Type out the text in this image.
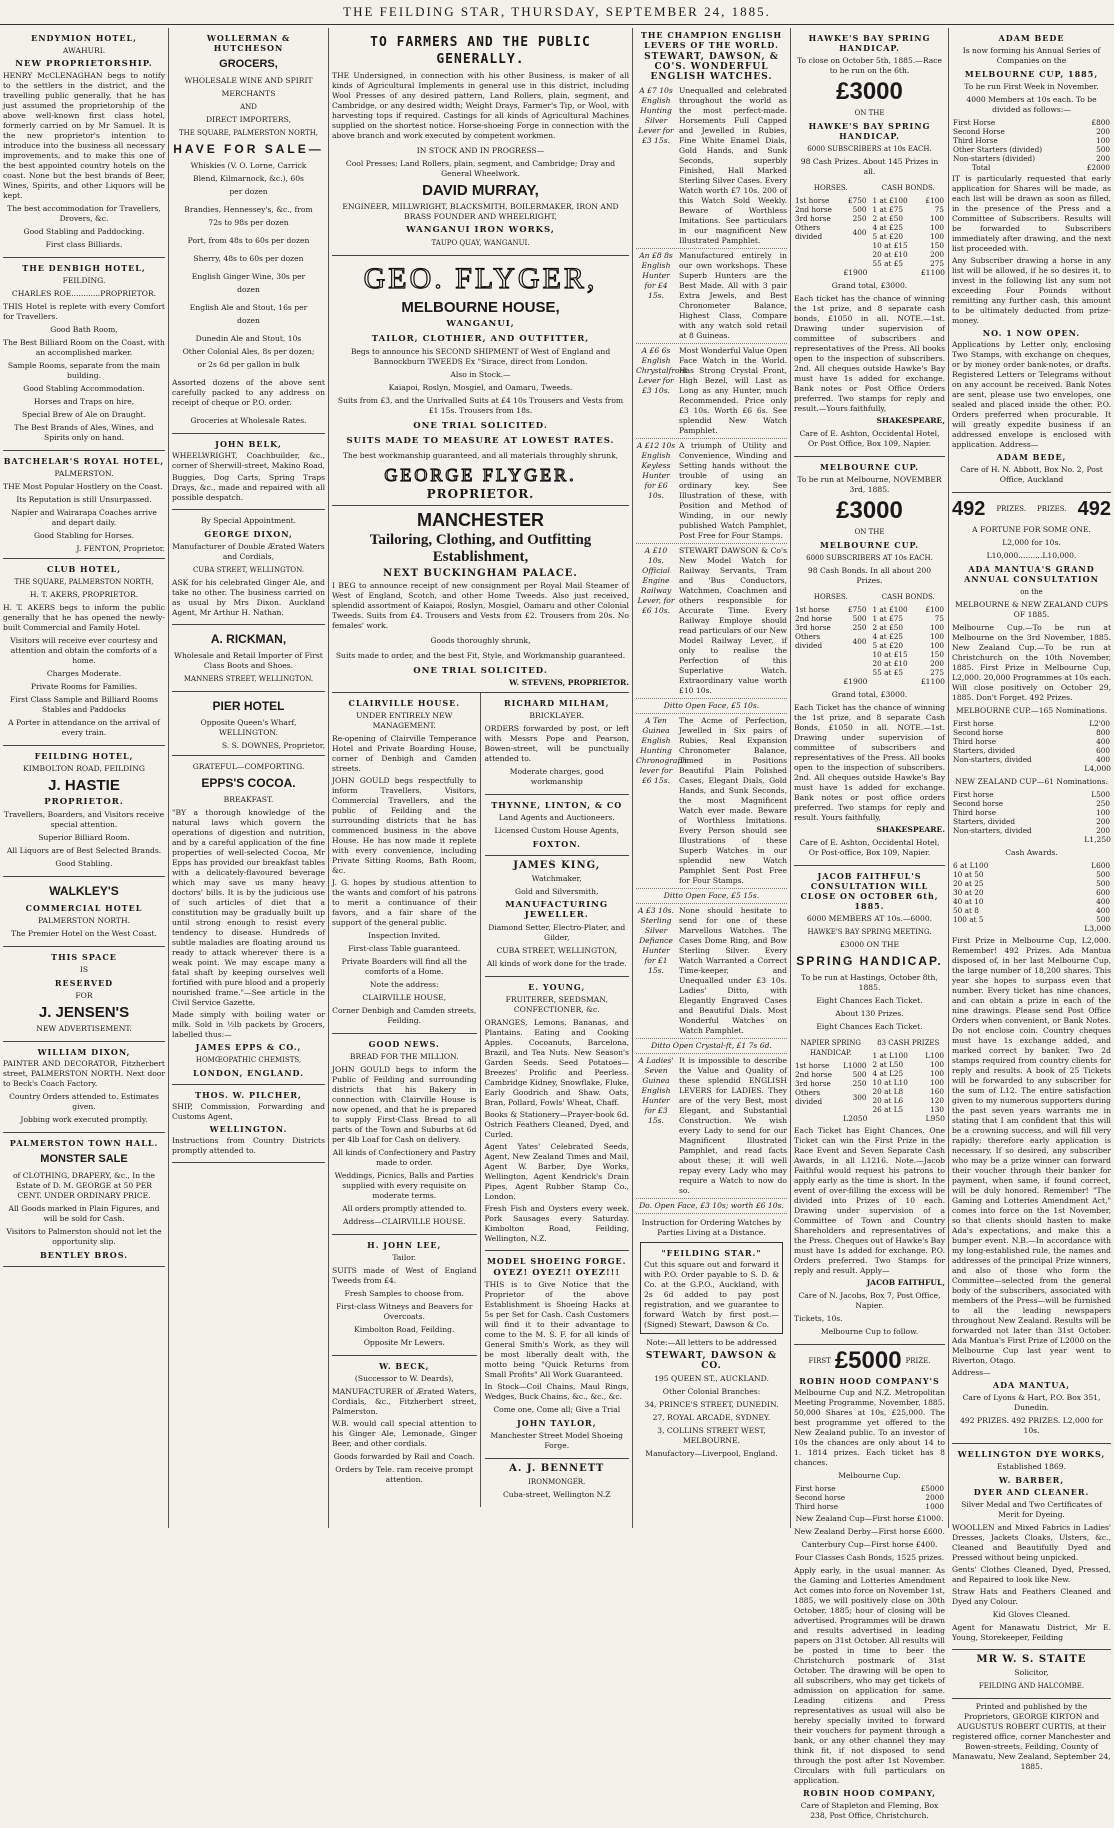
THE FEILDING STAR, THURSDAY, SEPTEMBER 24, 1885.
ENDYMION HOTEL,
AWAHURI.
NEW PROPRIETORSHIP.

HENRY McCLENAGHAN begs to notify to the settlers in the district, and the travelling public generally, that he has just assumed the proprietorship of the above well-known first class hotel, formerly carried on by Mr Samuel. It is the new proprietor's intention to introduce into the business all necessary improvements, and to make this one of the best appointed country hotels on the coast. None but the best brands of Beer, Wines, Spirits, and other Liquors will be kept.

The best accommodation for Travellers, Drovers, &c.
Good Stabling and Paddocking.
First class Billiards.
THE DENBIGH HOTEL,
FEILDING.
CHARLES ROE............PROPRIETOR.

THIS Hotel is replete with every Comfort for Travellers.

Good Bath Room,
The Best Billiard Room on the Coast, with an accomplished marker.
Sample Rooms, separate from the main building.
Good Stabling Accommodation.
Horses and Traps on hire,
Special Brew of Ale on Draught.
The Best Brands of Ales, Wines, and Spirits only on hand.
BATCHELAR'S ROYAL HOTEL,
PALMERSTON.

THE Most Popular Hostlery on the Coast.

Its Reputation is still Unsurpassed.
Napier and Wairarapa Coaches arrive and depart daily.
Good Stabling for Horses.
J. FENTON, Proprietor.
CLUB HOTEL,
THE SQUARE, PALMERSTON NORTH,
H. T. AKERS, PROPRIETOR.

H. T. AKERS begs to inform the public generally that he has opened the newly-built Commercial and Family Hotel.

Visitors will receive ever courtesy and attention and obtain the comforts of a home.
Charges Moderate.
Private Rooms for Families.
First Class Sample and Billiard Rooms Stables and Paddocks
A Porter in attendance on the arrival of every train.
FEILDING HOTEL,
KIMBOLTON ROAD, FEILDING
J. HASTIE
PROPRIETOR.
Travellers, Boarders, and Visitors receive special attention.
Superior Billiard Room.
All Liquors are of Best Selected Brands.
Good Stabling.
WALKLEY'S
COMMERCIAL HOTEL
PALMERSTON NORTH.
The Premier Hotel on the West Coast.
THIS SPACE
IS
RESERVED
FOR
J. JENSEN'S
NEW ADVERTISEMENT.
WILLIAM DIXON,

PAINTER AND DECORATOR, Fitzherbert street, PALMERSTON NORTH. Next door to Beck's Coach Factory.

Country Orders attended to. Estimates given.
Jobbing work executed promptly.
PALMERSTON TOWN HALL.
MONSTER SALE

of CLOTHING, DRAPERY, &c., In the Estate of D. M. GEORGE at 50 PER CENT. UNDER ORDINARY PRICE.

All Goods marked in Plain Figures, and will be sold for Cash.
Visitors to Palmerston should not let the opportunity slip.
BENTLEY BROS.
WOLLERMAN & HUTCHESON
GROCERS,
WHOLESALE WINE AND SPIRIT
MERCHANTS
AND
DIRECT IMPORTERS,
THE SQUARE, PALMERSTON NORTH,
HAVE FOR SALE—
Whiskies (V. O. Lorne, Carrick
Blend, Kilmarnock, &c.), 60s
per dozen
Brandies, Hennessey's, &c., from
72s to 98s per dozen
Port, from 48s to 60s per dozen
Sherry, 48s to 60s per dozen
English Ginger Wine, 30s per
dozen
English Ale and Stout, 16s per
dozen
Dunedin Ale and Stout, 10s
Other Colonial Ales, 8s per dozen;
or 2s 6d per gallon in bulk

Assorted dozens of the above sent carefully packed to any address on receipt of cheque or P.O. order.

Groceries at Wholesale Rates.
JOHN BELK,

WHEELWRIGHT, Coachbuilder, &c., corner of Sherwill-street, Makino Road,

Buggies, Dog Carts, Spring Traps Drays, &c., made and repaired with all possible despatch.

By Special Appointment.
GEORGE DIXON,
Manufacturer of Double Ærated Waters and Cordials,
CUBA STREET, WELLINGTON.

ASK for his celebrated Ginger Ale, and take no other. The business carried on as usual by Mrs Dixon. Auckland Agent, Mr Arthur H. Nathan.

A. RICKMAN,
Wholesale and Retail Importer of First Class Boots and Shoes.
MANNERS STREET, WELLINGTON.
PIER HOTEL
Opposite Queen's Wharf, WELLINGTON.
S. S. DOWNES, Proprietor,
GRATEFUL—COMFORTING.
EPPS'S COCOA.
BREAKFAST.

"BY a thorough knowledge of the natural laws which govern the operations of digestion and nutrition, and by a careful application of the fine properties of well-selected Cocoa, Mr Epps has provided our breakfast tables with a delicately-flavoured beverage which may save us many heavy doctors' bills. It is by the judicious use of such articles of diet that a constitution may be gradually built up until strong enough to resist every tendency to disease. Hundreds of subtle maladies are floating around us ready to attack wherever there is a weak point. We may escape many a fatal shaft by keeping ourselves well fortified with pure blood and a properly nourished frame."—See article in the Civil Service Gazette.

Made simply with boiling water or milk. Sold in ½lb packets by Grocers, labelled thus:—

JAMES EPPS & CO.,
HOMŒOPATHIC CHEMISTS,
LONDON, ENGLAND.
THOS. W. PILCHER,

SHIP, Commission, Forwarding and Customs Agent,

WELLINGTON.

Instructions from Country Districts promptly attended to.

TO FARMERS AND THE PUBLIC GENERALLY.

THE Undersigned, in connection with his other Business, is maker of all kinds of Agricultural Implements in general use in this district, including Wool Presses of any desired pattern, Land Rollers, plain, segment, and Cambridge, or any desired width; Weight Drays, Farmer's Tip, or Wool, with harvesting tops if required. Castings for all kinds of Agricultural Machines supplied on the shortest notice. Horse-shoeing Forge in connection with the above branch and work executed by competent workmen.

IN STOCK AND IN PROGRESS—
Cool Presses; Land Rollers, plain, segment, and Cambridge; Dray and General Wheelwork.
DAVID MURRAY,
ENGINEER, MILLWRIGHT, BLACKSMITH, BOILERMAKER, IRON AND BRASS FOUNDER AND WHEELRIGHT,
WANGANUI IRON WORKS,
TAUPO QUAY, WANGANUI.
GEO. FLYGER,
MELBOURNE HOUSE,
WANGANUI,
TAILOR, CLOTHIER, AND OUTFITTER,
Begs to announce his SECOND SHIPMENT of West of England and Bannockburn TWEEDS Ex "Sirace, direct from London.
Also in Stock.—
Kaiapoi, Roslyn, Mosgiel, and Oamaru, Tweeds.
Suits from £3, and the Unrivalled Suits at £4 10s Trousers and Vests from £1 15s. Trousers from 18s.
ONE TRIAL SOLICITED.
SUITS MADE TO MEASURE AT LOWEST RATES.
The best workmanship guaranteed, and all materials throughly shrunk,
GEORGE FLYGER.
PROPRIETOR.
MANCHESTER
Tailoring, Clothing, and Outfitting Establishment,
NEXT BUCKINGHAM PALACE.

I BEG to announce receipt of new consignment per Royal Mail Steamer of West of England, Scotch, and other Home Tweeds. Also just received, splendid assortment of Kaiapoi, Roslyn, Mosgiel, Oamaru and other Colonial Tweeds. Suits from £4. Trousers and Vests from £2. Trousers from 20s. No females' work.

Goods thoroughly shrunk,
Suits made to order, and the best Fit, Style, and Workmanship guaranteed.
ONE TRIAL SOLICITED.
W. STEVENS, PROPRIETOR.
CLAIRVILLE HOUSE.
UNDER ENTIRELY NEW MANAGEMENT.

Re-opening of Clairville Temperance Hotel and Private Boarding House, corner of Denbigh and Camden streets.

JOHN GOULD begs respectfully to inform Travellers, Visitors, Commercial Travellers, and the public of Feilding and the surrounding districts that he has commenced business in the above House. He has now made it replete with every convenience, including Private Sitting Rooms, Bath Room, &c.

J. G. hopes by studious attention to the wants and comfort of his patrons to merit a continuance of their favors, and a fair share of the support of the general public.

Inspection Invited.
First-class Table guaranteed.
Private Boarders will find all the comforts of a Home.
Note the address:
CLAIRVILLE HOUSE,
Corner Denbigh and Camden streets, Feilding.
GOOD NEWS.
BREAD FOR THE MILLION.

JOHN GOULD begs to inform the Public of Feilding and surrounding districts that his Bakery in connection with Clairville House is now opened, and that he is prepared to supply First-Class Bread to all parts of the Town and Suburbs at 6d per 4lb Loaf for Cash on delivery.

All kinds of Confectionery and Pastry made to order.
Weddings, Picnics, Balls and Parties supplied with every requisite on moderate terms.
All orders promptly attended to.
Address—CLAIRVILLE HOUSE.
H. JOHN LEE,
Tailor.

SUITS made of West of England Tweeds from £4.

Fresh Samples to choose from.
First-class Witneys and Beavers for Overcoats.
Kimbolton Road, Feilding.
Opposite Mr Lewers.
W. BECK,
(Successor to W. Deards),

MANUFACTURER of Ærated Waters, Cordials, &c., Fitzherbert street, Palmerston.

W.B. would call special attention to his Ginger Ale, Lemonade, Ginger Beer, and other cordials.

Goods forwarded by Rail and Coach.
Orders by Tele. ram receive prompt attention.
RICHARD MILHAM,
BRICKLAYER.

ORDERS forwarded by post, or left with Messrs Pope and Pearson, Bowen-street, will be punctually attended to.

Moderate charges, good workmanship
THYNNE, LINTON, & CO
Land Agents and Auctioneers.
Licensed Custom House Agents,
FOXTON.
JAMES KING,
Watchmaker,
Gold and Silversmith,
MANUFACTURING JEWELLER.
Diamond Setter, Electro-Plater, and Gilder,
CUBA STREET, WELLINGTON,
All kinds of work done for the trade.
E. YOUNG,
FRUITERER, SEEDSMAN, CONFECTIONER, &c.

ORANGES, Lemons, Bananas, and Plantains. Eating and Cooking Apples. Cocoanuts, Barcelona, Brazil, and Tea Nuts. New Season's Garden Seeds. Seed Potatoes—Breezes' Prolific and Peerless. Cambridge Kidney, Snowflake, Fluke, Early Goodrich and Shaw. Oats, Bran, Pollard, Fowls' Wheat, Chaff.

Books & Stationery—Prayer-book 6d. Ostrich Feathers Cleaned, Dyed, and Curled.

Agent Yates' Celebrated Seeds, Agent, New Zealand Times and Mail, Agent W. Barber, Dye Works, Wellington, Agent Kendrick's Drain Pipes, Agent Rubber Stamp Co., London.

Fresh Fish and Oysters every week. Pork Sausages every Saturday. Kimbolton Road, Feilding, Wellington, N.Z.

MODEL SHOEING FORGE.
OYEZ! OYEZ!! OYEZ!!!

THIS is to Give Notice that the Proprietor of the above Establishment is Shoeing Hacks at 5s per Set for Cash. Cash Customers will find it to their advantage to come to the M. S. F. for all kinds of General Smith's Work, as they will be most liberally dealt with, the motto being "Quick Returns from Small Profits" All Work Guaranteed.

In Stock—Coil Chains, Maul Rings, Wedges, Buck Chains, &c., &c., &c.

Come one, Come all; Give a Trial
JOHN TAYLOR,
Manchester Street Model Shoeing Forge.
A. J. BENNETT
IRONMONGER.
Cuba-street, Wellington N.Z
THE CHAMPION ENGLISH LEVERS OF THE WORLD.
STEWART, DAWSON, & CO'S. WONDERFUL ENGLISH WATCHES.
A £7 10s English Hunting Silver Lever for £3 15s.
Unequalled and celebrated throughout the world as the most perfect-made. Horsements Full Capped and Jewelled in Rubies, Fine White Enamel Dials, Gold Hands, and Sunk Seconds, superbly Finished, Hall Marked Sterling Silver Cases. Every Watch worth £7 10s. 200 of this Watch Sold Weekly. Beware of Worthless Imitations. See particulars in our magnificent New Illustrated Pamphlet.
An £8 8s English Hunter for £4 15s.
Manufactured entirely in our own workshops. These Superb Hunters are the Best Made. All with 3 pair Extra Jewels, and Best Chronometer Balance, Highest Class, Compare with any watch sold retail at 8 Guineas.
A £6 6s English Chrystalfront Lever for £3 10s.
Most Wonderful Value Open Face Watch in the World. Has Strong Crystal Front, High Bezel, will Last as Long as any Hunter, much Recommended. Price only £3 10s. Worth £6 6s. See splendid New Watch Pamphlet.
A £12 10s English Keyless Hunter for £6 10s.
A triumph of Utility and Convenience, Winding and Setting hands without the trouble of using an ordinary key. See Illustration of these, with Position and Method of Winding, in our newly published Watch Pamphlet, Post Free for Four Stamps.
A £10 10s. Official Engine Railway Lever, for £6 10s.
STEWART DAWSON & Co's New Model Watch for Railway Servants, Tram and 'Bus Conductors, Watchmen, Coachmen and others responsible for Accurate Time. Every Railway Employe should read particulars of our New Model Railway Lever, if only to realise the Perfection of this Superlative Watch. Extraordinary value worth £10 10s.
Ditto Open Face, £5 10s.
A Ten Guinea English Hunting Chronograph lever for £6 15s.
The Acme of Perfection, Jewelled in Six pairs of Rubies, Real Expansion Chronometer Balance, Timed in Positions Beautiful Plain Polished Cases, Elegant Dials, Gold Hands, and Sunk Seconds, the most Magnificent Watch ever made. Beware of Worthless Imitations. Every Person should see Illustrations of these Superb Watches in our splendid new Watch Pamphlet Sent Post Free for Four Stamps.
Ditto Open Face, £5 15s.
A £3 10s. Sterling Silver Defiance Hunter for £1 15s.
None should hesitate to send for one of these Marvellous Watches. The Cases Dome Ring, and Bow Sterling Silver. Every Watch Warranted a Correct Time-keeper, and Unequalled under £3 10s. Ladies' Ditto, with Elegantly Engraved Cases and Beautiful Dials. Most Wonderful Watches on Watch Pamphlet.
Ditto Open Crystal-ft, £1 7s 6d.
A Ladies' Seven Guinea English Hunter for £3 15s.
It is impossible to describe the Value and Quality of these splendid ENGLISH LEVERS for LADIES. They are of the very Best, most Elegant, and Substantial Construction. We wish every Lady to send for our Magnificent Illustrated Pamphlet, and read facts about these; it will well repay every Lady who may require a Watch to now do so.
Do. Open Face, £3 10s; worth £6 10s.
Instruction for Ordering Watches by Parties Living at a Distance.
"FEILDING STAR."
Cut this square out and forward it with P.O. Order payable to S. D. & Co. at the G.P.O., Auckland, with 2s 6d added to pay post registration, and we guarantee to forward Watch by first post.—(Signed) Stewart, Dawson & Co.
Note:—All letters to be addressed
STEWART, DAWSON & CO.
195 QUEEN ST., AUCKLAND.
Other Colonial Branches:
34, PRINCE'S STREET, DUNEDIN.
27, ROYAL ARCADE, SYDNEY.
3, COLLINS STREET WEST, MELBOURNE.
Manufactory—Liverpool, England.
HAWKE'S BAY SPRING HANDICAP.
To close on October 5th, 1885.—Race to be run on the 6th.
£3000
ON THE
HAWKE'S BAY SPRING HANDICAP.
6000 SUBSCRIBERS at 10s EACH.
98 Cash Prizes. About 145 Prizes in all.
HORSES.
1st horse	£750
2nd horse	500
3rd horse	250
Others divided	400
CASH BONDS.
1 at £100	£100
1 at £75	75
2 at £50	100
4 at £25	100
5 at £20	100
10 at £15	150
20 at £10	200
55 at £5	275
£1900	£1100
Grand total, £3000.

Each ticket has the chance of winning the 1st prize, and 8 separate cash bonds, £1050 in all. NOTE.—1st. Drawing under supervision of committee of subscribers and representatives of the Press. All books open to the inspection of subscribers. 2nd. All cheques outside Hawke's Bay must have 1s added for exchange. Bank notes or Post Office Orders preferred. Two stamps for reply and result.—Yours faithfully,

SHAKESPEARE,
Care of E. Ashton, Occidental Hotel, Or Post Office, Box 109, Napier.
MELBOURNE CUP.
To be run at Melbourne, NOVEMBER 3rd, 1885.
£3000
ON THE
MELBOURNE CUP.
6000 SUBSCRIBERS AT 10s EACH.
98 Cash Bonds. In all about 200 Prizes.
HORSES.
1st horse	£750
2nd horse	500
3rd horse	250
Others divided	400
CASH BONDS.
1 at £100	£100
1 at £75	75
2 at £50	100
4 at £25	100
5 at £20	100
10 at £15	150
20 at £10	200
55 at £5	275
£1900	£1100
Grand total, £3000.

Each Ticket has the chance of winning the 1st prize, and 8 separate Cash Bonds, £1050 in all. NOTE.—1st. Drawing under supervision of committee of subscribers and representatives of the Press. All books open to the inspection of subscribers. 2nd. All cheques outside Hawke's Bay must have 1s added for exchange. Bank notes or post office orders preferred. Two stamps for reply and result. Yours faithfully,

SHAKESPEARE.
Care of E. Ashton, Occidental Hotel, Or Post-office, Box 109, Napier.
JACOB FAITHFUL'S CONSULTATION WILL CLOSE ON OCTOBER 6th, 1885.
6000 MEMBERS AT 10s.—6000.
HAWKE'S BAY SPRING MEETING.
£3000 ON THE
SPRING HANDICAP.
To be run at Hastings, October 8th, 1885.
Eight Chances Each Ticket.
About 130 Prizes.
Eight Chances Each Ticket.
NAPIER SPRING HANDICAP.
1st horse	L1000
2nd horse	500
3rd horse	250
Others divided	300
83 CASH PRIZES
1 at L100	L100
2 at L50	100
4 at L25	100
10 at L10	100
20 at L8	160
20 at L6	120
26 at L5	130
L2050	L950

Each Ticket has Eight Chances. One Ticket can win the First Prize in the Race Event and Seven Separate Cash Awards, in all L1216. Note.—Jacob Faithful would request his patrons to apply early as the time is short. In the event of over-filling the excess will be divided into Prizes of 10 each. Drawing under supervision of a Committee of Town and Country Shareholders and representatives of the Press. Cheques out of Hawke's Bay must have 1s added for exchange. P.O. Orders preferred. Two Stamps for reply and result. Apply—

JACOB FAITHFUL,
Care of N. Jacobs, Box 7, Post Office, Napier.
Tickets, 10s.
Melbourne Cup to follow.
FIRST £5000 PRIZE.
ROBIN HOOD COMPANY'S

Melbourne Cup and N.Z. Metropolitan Meeting Programme, November, 1885. 50,000 Shares at 10s, £25,000. The best programme yet offered to the New Zealand public. To an investor of 10s the chances are only about 14 to 1. 1814 prizes. Each ticket has 8 chances.

Melbourne Cup.
First horse	£5000
Second horse	2000
Third horse	1000
New Zealand Cup—First horse £1000.
New Zealand Derby—First horse £600.
Canterbury Cup—First horse £400.
Four Classes Cash Bonds, 1525 prizes.

Apply early, in the usual manner. As the Gaming and Lotteries Amendment Act comes into force on November 1st, 1885, we will positively close on 30th October, 1885; hour of closing will be advertised. Programmes will be drawn and results advertised in leading papers on 31st October. All results will be posted in time to beer the Christchurch postmark of 31st October. The drawing will be open to all subscribers, who may get tickets of admission on application for same. Leading citizens and Press representatives as usual will also be hereby specially invited to forward their vouchers for payment through a bank, or any other channel they may think fit, if not disposed to send through the post after 1st November. Circulars with full particulars on application.

ROBIN HOOD COMPANY,
Care of Stapleton and Fleming, Box 238, Post Office, Christchurch.
ADAM BEDE
Is now forming his Annual Series of Companies on the
MELBOURNE CUP, 1885,
To be run First Week in November.
4000 Members at 10s each. To be divided as follows:—
First Horse	£800
Second Horse	200
Third Horse	100
Other Starters (divided)	500
Non-starters (divided)	200
Total	£2000

IT is particularly requested that early application for Shares will be made, as each list will be drawn as soon as filled, in the presence of the Press and a Committee of Subscribers. Results will be forwarded to Subscribers immediately after drawing, and the next list proceeded with.

Any Subscriber drawing a horse in any list will be allowed, if he so desires it, to invest in the following list any sum not exceeding Four Pounds without remitting any further cash, this amount to be ultimately deducted from prize-money.

NO. 1 NOW OPEN.

Applications by Letter only, enclosing Two Stamps, with exchange on cheques, or by money order bank-notes, or drafts. Registered Letters or Telegrams without on any account be received. Bank Notes are sent, please use two envelopes, one sealed and placed inside the other. P.O. Orders preferred when procurable. It will greatly expedite business if an addressed envelope is enclosed with application. Address—

ADAM BEDE,
Care of H. N. Abbott, Box No. 2, Post Office, Auckland
492 PRIZES. PRIZES. 492
A FORTUNE FOR SOME ONE.
L2,000 for 10s.
L10,000..........L10,000.
ADA MANTUA'S GRAND ANNUAL CONSULTATION
on the
MELBOURNE & NEW ZEALAND CUPS OF 1885.

Melbourne Cup.—To be run at Melbourne on the 3rd November, 1885. New Zealand Cup.—To be run at Christchurch on the 10th November, 1885. First Prize in Melbourne Cup, L2,000. 20,000 Programmes at 10s each. Will close positively on October 29, 1885. Don't Forget. 492 Prizes.

MELBOURNE CUP.—165 Nominations.
First horse	L2'00
Second horse	800
Third horse	400
Starters, divided	600
Non-starters, divided	400
L4,000
NEW ZEALAND CUP—61 Nominations.
First horse	L500
Second horse	250
Third horse	100
Starters, divided	200
Non-starters, divided	200
L1,250
Cash Awards.
6 at L100	L600
10 at 50	500
20 at 25	500
30 at 20	600
40 at 10	400
50 at 8	400
100 at 5	500
L3,000

First Prize in Melbourne Cup, L2,000. Remember! 492 Prizes. Ada Mantua disposed of, in her last Melbourne Cup, the large number of 18,200 shares. This year she hopes to surpass even that number. Every ticket has nine chances, and can obtain a prize in each of the nine drawings. Please send Post Office Orders when convenient, or Bank Notes. Do not enclose coin. Country cheques must have 1s exchange added, and marked correct by banker. Two 2d stamps required from country clients for reply and results. A book of 25 Tickets will be forwarded to any subscriber for the sum of L12. The entire satisfaction given to my numerous supporters during the past seven years warrants me in stating that I am confident that this will be a crowning success, and will fill very rapidly; therefore early application is necessary. If so desired, any subscriber who may be a prize winner can forward their voucher through their banker for payment, when same, if found correct, will be duly honored. Remember! "The Gaming and Lotteries Amendment Act," comes into force on the 1st November, so that clients should hasten to make Ada's expectations, and make this a bumper event. N.B.—In accordance with my long-established rule, the names and addresses of the principal Prize winners, and also of those who form the Committee—selected from the general body of the subscribers, associated with members of the Press—will be furnished to all the leading newspapers throughout New Zealand. Results will be forwarded not later than 31st October. Ada Mantua's First Prize of L2000 on the Melbourne Cup last year went to Riverton, Otago.

Address—
ADA MANTUA,
Care of Lyons & Hart, P.O. Box 351, Dunedin.
492 PRIZES. 492 PRIZES. L2,000 for 10s.
WELLINGTON DYE WORKS,
Established 1869.
W. BARBER,
DYER AND CLEANER.
Silver Medal and Two Certificates of Merit for Dyeing.

WOOLLEN and Mixed Fabrics in Ladies' Dresses, Jackets Cloaks, Ulsters, &c., Cleaned and Beautifully Dyed and Pressed without being unpicked.

Gents' Clothes Cleaned, Dyed, Pressed, and Repaired to look like New.

Straw Hats and Feathers Cleaned and Dyed any Colour.

Kid Gloves Cleaned.

Agent for Manawatu District, Mr E. Young, Storekeeper, Feilding

MR W. S. STAITE
Solicitor,
FEILDING AND HALCOMBE.

Printed and published by the Proprietors, GEORGE KIRTON and AUGUSTUS ROBERT CURTIS, at their registered office, corner Manchester and Bowen-streets, Feilding, County of Manawatu, New Zealand, September 24, 1885.
